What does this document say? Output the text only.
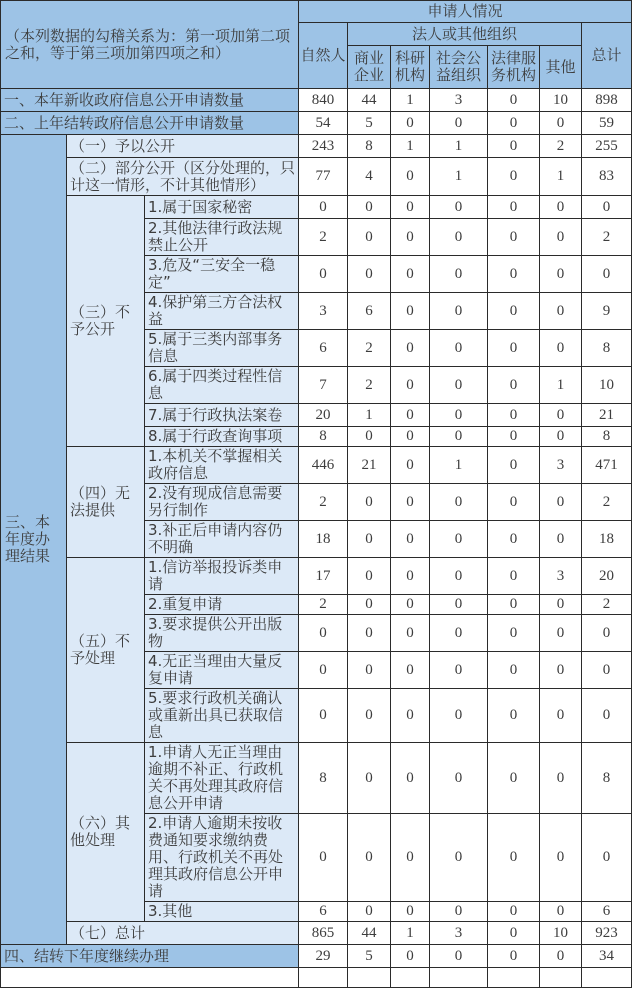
（本列数据的勾稽关系为：第一项加第二项之和，等于第三项加第四项之和）			申请人情况						
			自然人	法人或其他组织					总计
				商业企业	科研机构	社会公益组织	法律服务机构	其他	
一、本年新收政府信息公开申请数量			840	44	1	3	0	10	898
二、上年结转政府信息公开申请数量			54	5	0	0	0	0	59
三、本年度办理结果	（一）予以公开		243	8	1	1	0	2	255
	（二）部分公开（区分处理的，只计这一情形，不计其他情形）		77	4	0	1	0	1	83
	（三）不予公开	1.属于国家秘密	0	0	0	0	0	0	0
		2.其他法律行政法规禁止公开	2	0	0	0	0	0	2
		3.危及“三安全一稳定”	0	0	0	0	0	0	0
		4.保护第三方合法权益	3	6	0	0	0	0	9
		5.属于三类内部事务信息	6	2	0	0	0	0	8
		6.属于四类过程性信息	7	2	0	0	0	1	10
		7.属于行政执法案卷	20	1	0	0	0	0	21
		8.属于行政查询事项	8	0	0	0	0	0	8
	（四）无法提供	1.本机关不掌握相关政府信息	446	21	0	1	0	3	471
		2.没有现成信息需要另行制作	2	0	0	0	0	0	2
		3.补正后申请内容仍不明确	18	0	0	0	0	0	18
	（五）不予处理	1.信访举报投诉类申请	17	0	0	0	0	3	20
		2.重复申请	2	0	0	0	0	0	2
		3.要求提供公开出版物	0	0	0	0	0	0	0
		4.无正当理由大量反复申请	0	0	0	0	0	0	0
		5.要求行政机关确认或重新出具已获取信息	0	0	0	0	0	0	0
	（六）其他处理	1.申请人无正当理由逾期不补正、行政机关不再处理其政府信息公开申请	8	0	0	0	0	0	8
		2.申请人逾期未按收费通知要求缴纳费用、行政机关不再处理其政府信息公开申请	0	0	0	0	0	0	0
		3.其他	6	0	0	0	0	0	6
	（七）总计		865	44	1	3	0	10	923
四、结转下年度继续办理			29	5	0	0	0	0	34
